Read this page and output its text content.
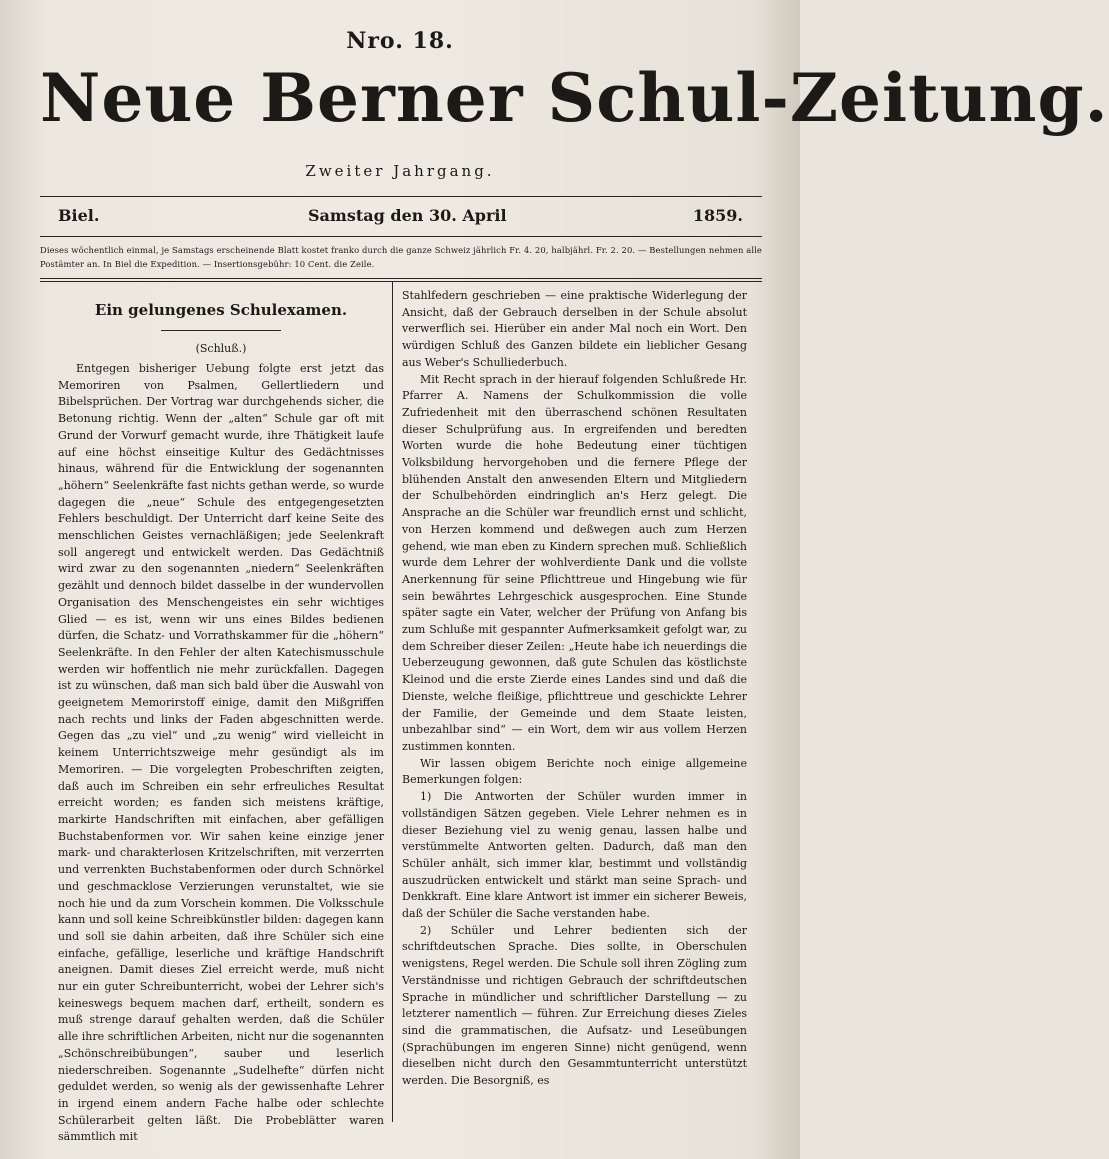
Nro. 18.
Neue Berner Schul-Zeitung.
Zweiter Jahrgang.
Biel.	Samstag den 30. April	1859.
Dieses wöchentlich einmal, je Samstags erscheinende Blatt kostet franko durch die ganze Schweiz jährlich Fr. 4. 20, halbjährl. Fr. 2. 20. — Bestellungen nehmen alle Postämter an. In Biel die Expedition. — Insertionsgebühr: 10 Cent. die Zeile.
Ein gelungenes Schulexamen.
(Schluß.)

Entgegen bisheriger Uebung folgte erst jetzt das Memoriren von Psalmen, Gellertliedern und Bibelsprüchen. Der Vortrag war durchgehends sicher, die Betonung richtig. Wenn der „alten“ Schule gar oft mit Grund der Vorwurf gemacht wurde, ihre Thätigkeit laufe auf eine höchst einseitige Kultur des Gedächtnisses hinaus, während für die Entwicklung der sogenannten „höhern“ Seelenkräfte fast nichts gethan werde, so wurde dagegen die „neue“ Schule des entgegengesetzten Fehlers beschuldigt. Der Unterricht darf keine Seite des menschlichen Geistes vernachläßigen; jede Seelenkraft soll angeregt und entwickelt werden. Das Gedächtniß wird zwar zu den sogenannten „niedern“ Seelenkräften gezählt und dennoch bildet dasselbe in der wundervollen Organisation des Menschengeistes ein sehr wichtiges Glied — es ist, wenn wir uns eines Bildes bedienen dürfen, die Schatz- und Vorrathskammer für die „höhern“ Seelenkräfte. In den Fehler der alten Katechismusschule werden wir hoffentlich nie mehr zurückfallen. Dagegen ist zu wünschen, daß man sich bald über die Auswahl von geeignetem Memorirstoff einige, damit den Mißgriffen nach rechts und links der Faden abgeschnitten werde. Gegen das „zu viel“ und „zu wenig“ wird vielleicht in keinem Unterrichtszweige mehr gesündigt als im Memoriren. — Die vorgelegten Probeschriften zeigten, daß auch im Schreiben ein sehr erfreuliches Resultat erreicht worden; es fanden sich meistens kräftige, markirte Handschriften mit einfachen, aber gefälligen Buchstabenformen vor. Wir sahen keine einzige jener mark- und charakterlosen Kritzelschriften, mit verzerrten und verrenkten Buchstabenformen oder durch Schnörkel und geschmacklose Verzierungen verunstaltet, wie sie noch hie und da zum Vorschein kommen. Die Volksschule kann und soll keine Schreibkünstler bilden: dagegen kann und soll sie dahin arbeiten, daß ihre Schüler sich eine einfache, gefällige, leserliche und kräftige Handschrift aneignen. Damit dieses Ziel erreicht werde, muß nicht nur ein guter Schreibunterricht, wobei der Lehrer sich's keineswegs bequem machen darf, ertheilt, sondern es muß strenge darauf gehalten werden, daß die Schüler alle ihre schriftlichen Arbeiten, nicht nur die sogenannten „Schönschreibübungen“, sauber und leserlich niederschreiben. Sogenannte „Sudelhefte“ dürfen nicht geduldet werden, so wenig als der gewissenhafte Lehrer in irgend einem andern Fache halbe oder schlechte Schülerarbeit gelten läßt. Die Probeblätter waren sämmtlich mit

Stahlfedern geschrieben — eine praktische Widerlegung der Ansicht, daß der Gebrauch derselben in der Schule absolut verwerflich sei. Hierüber ein ander Mal noch ein Wort. Den würdigen Schluß des Ganzen bildete ein lieblicher Gesang aus Weber's Schulliederbuch.

Mit Recht sprach in der hierauf folgenden Schlußrede Hr. Pfarrer A. Namens der Schulkommission die volle Zufriedenheit mit den überraschend schönen Resultaten dieser Schulprüfung aus. In ergreifenden und beredten Worten wurde die hohe Bedeutung einer tüchtigen Volksbildung hervorgehoben und die fernere Pflege der blühenden Anstalt den anwesenden Eltern und Mitgliedern der Schulbehörden eindringlich an's Herz gelegt. Die Ansprache an die Schüler war freundlich ernst und schlicht, von Herzen kommend und deßwegen auch zum Herzen gehend, wie man eben zu Kindern sprechen muß. Schließlich wurde dem Lehrer der wohlverdiente Dank und die vollste Anerkennung für seine Pflichttreue und Hingebung wie für sein bewährtes Lehrgeschick ausgesprochen. Eine Stunde später sagte ein Vater, welcher der Prüfung von Anfang bis zum Schluße mit gespannter Aufmerksamkeit gefolgt war, zu dem Schreiber dieser Zeilen: „Heute habe ich neuerdings die Ueberzeugung gewonnen, daß gute Schulen das köstlichste Kleinod und die erste Zierde eines Landes sind und daß die Dienste, welche fleißige, pflichttreue und geschickte Lehrer der Familie, der Gemeinde und dem Staate leisten, unbezahlbar sind“ — ein Wort, dem wir aus vollem Herzen zustimmen konnten.

Wir lassen obigem Berichte noch einige allgemeine Bemerkungen folgen:

1) Die Antworten der Schüler wurden immer in vollständigen Sätzen gegeben. Viele Lehrer nehmen es in dieser Beziehung viel zu wenig genau, lassen halbe und verstümmelte Antworten gelten. Dadurch, daß man den Schüler anhält, sich immer klar, bestimmt und vollständig auszudrücken entwickelt und stärkt man seine Sprach- und Denkkraft. Eine klare Antwort ist immer ein sicherer Beweis, daß der Schüler die Sache verstanden habe.

2) Schüler und Lehrer bedienten sich der schriftdeutschen Sprache. Dies sollte, in Oberschulen wenigstens, Regel werden. Die Schule soll ihren Zögling zum Verständnisse und richtigen Gebrauch der schriftdeutschen Sprache in mündlicher und schriftlicher Darstellung — zu letzterer namentlich — führen. Zur Erreichung dieses Zieles sind die grammatischen, die Aufsatz- und Leseübungen (Sprachübungen im engeren Sinne) nicht genügend, wenn dieselben nicht durch den Gesammtunterricht unterstützt werden. Die Besorgniß, es
